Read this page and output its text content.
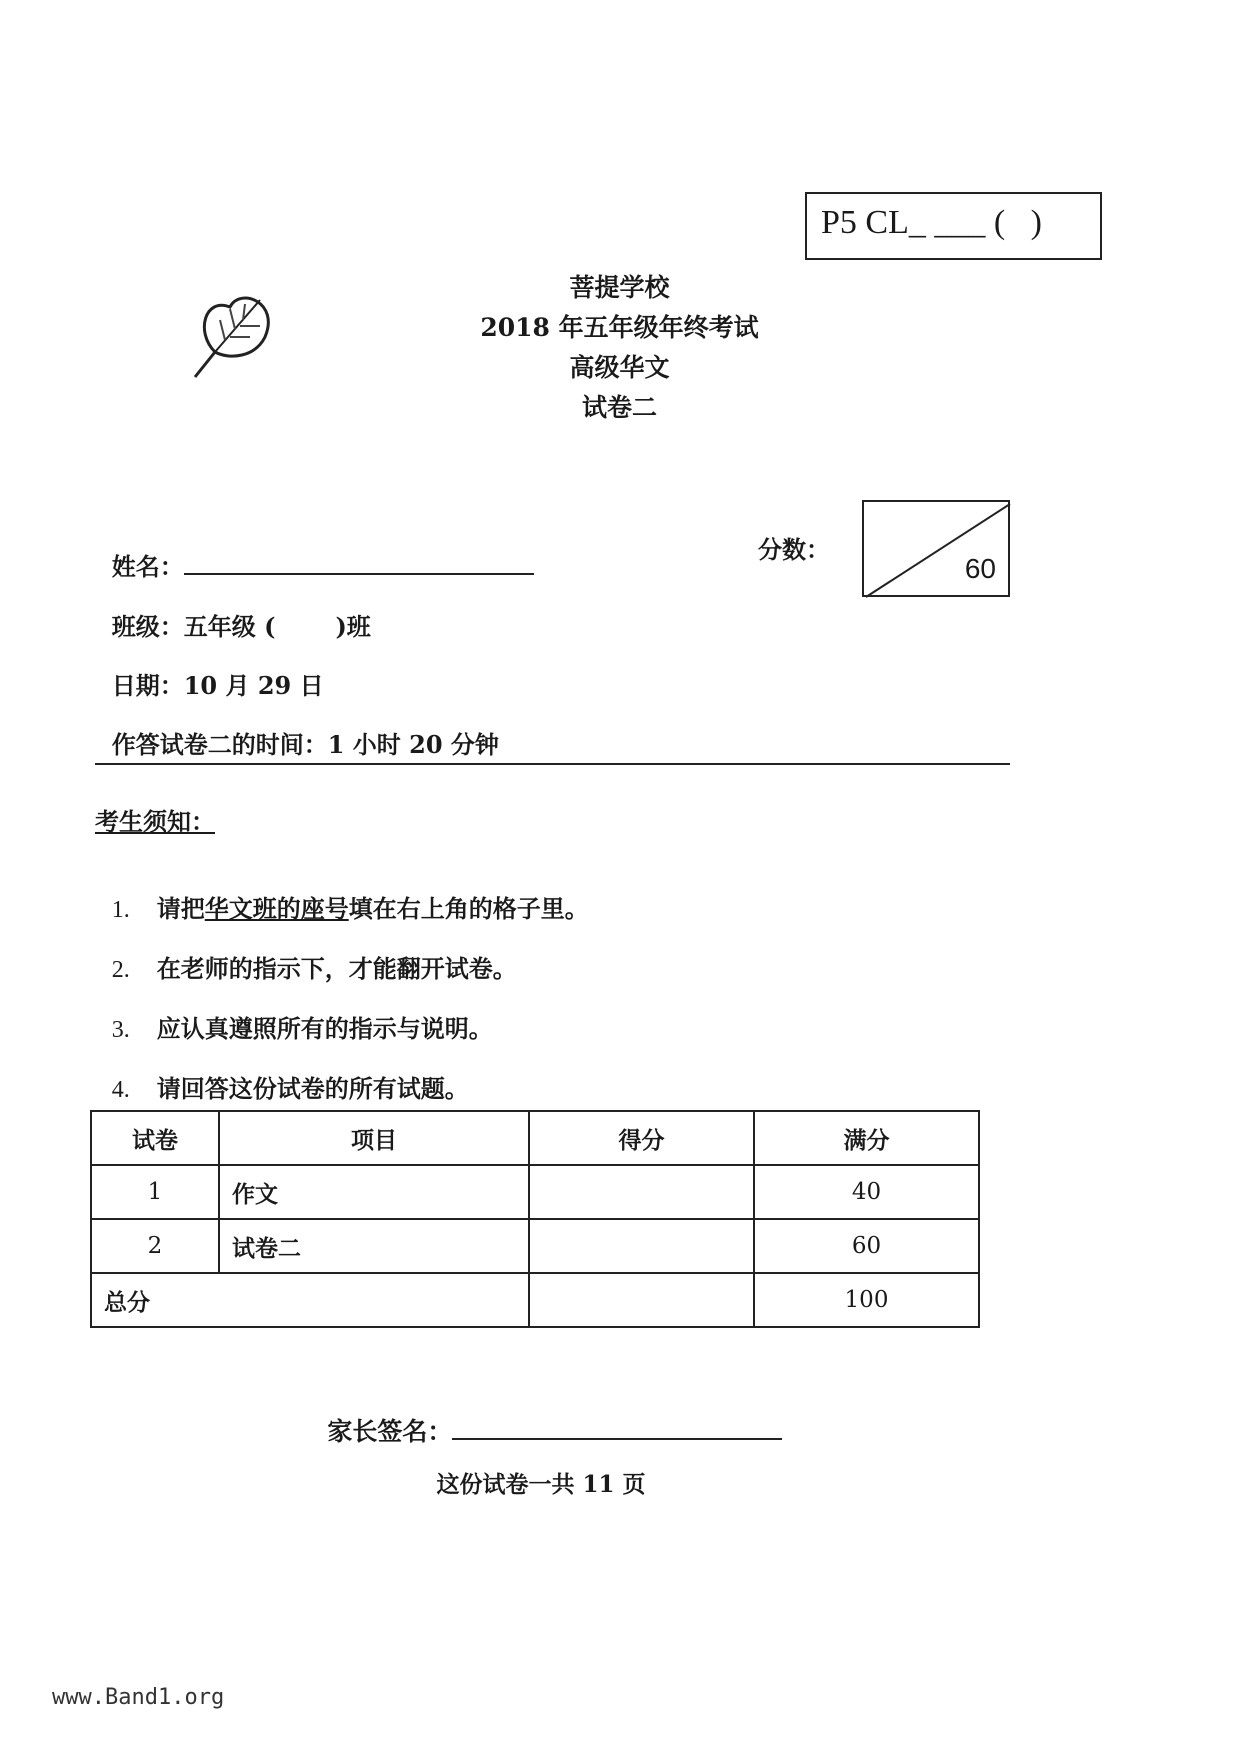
P5 CL_ ___ (   )
菩提学校
2018 年五年级年终考试
高级华文
试卷二

姓名：

班级：五年级 (	)班

日期：10 月 29 日

作答试卷二的时间：1 小时 20 分钟

分数：
60
考生须知：

1. 请把华文班的座号填在右上角的格子里。

2. 在老师的指示下，才能翻开试卷。

3. 应认真遵照所有的指示与说明。

4. 请回答这份试卷的所有试题。

试卷	项目	得分	满分
1	作文		40
2	试卷二		60
总分			100

家长签名：

这份试卷一共 11 页
www.Band1.org
